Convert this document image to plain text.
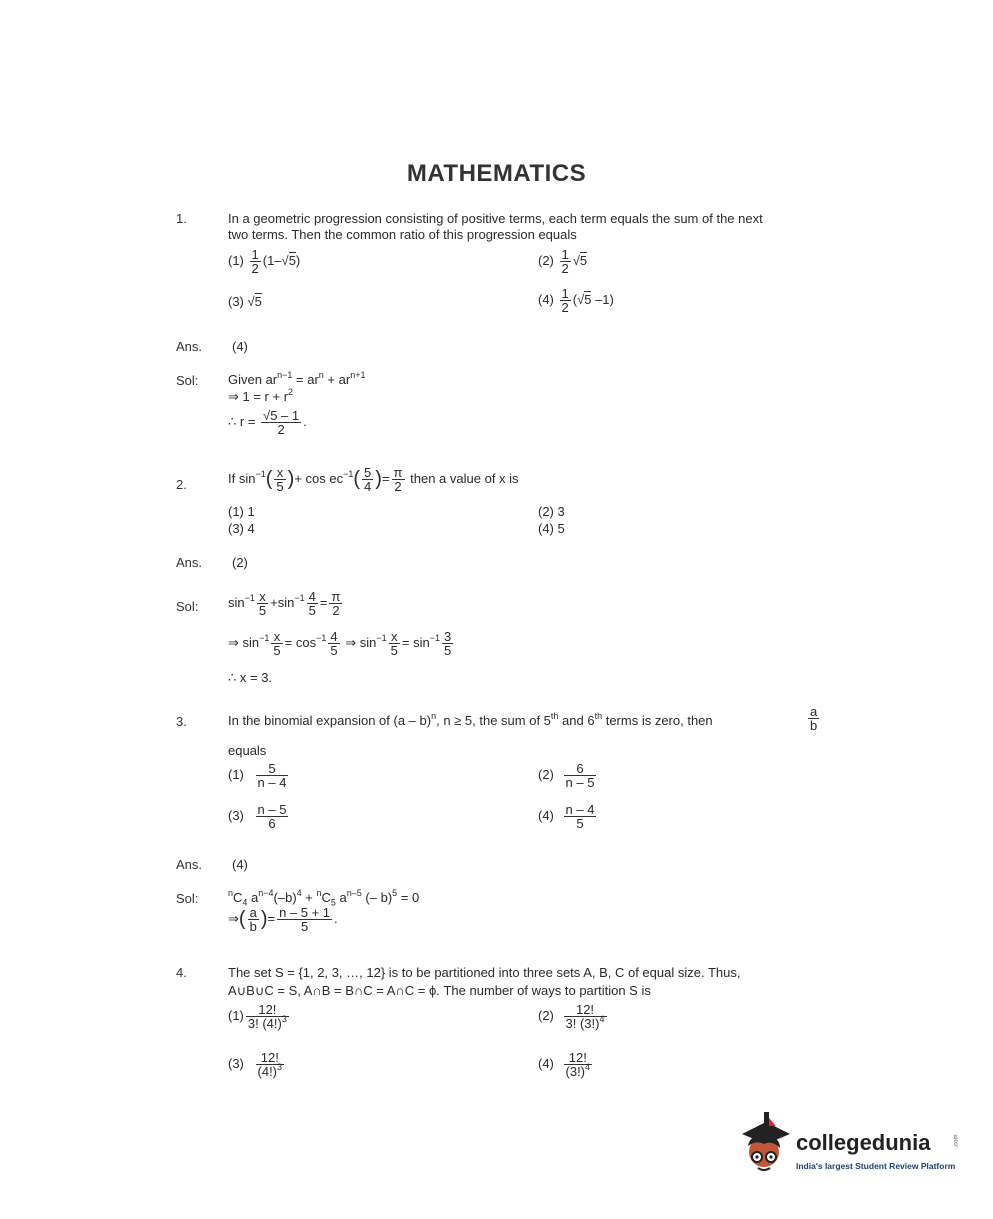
MATHEMATICS
1.	In a geometric progression consisting of positive terms, each term equals the sum of the next
two terms. Then the common ratio of this progression equals
$(1) \frac{1}{2} (1-√5)$	$(2) \frac{1}{2} √5$
(3) √5	$(4) \frac{1}{2} (√5$ –1)
Ans. (4)
Sol: Given $ar^{n-1} = ar^n + ar^{n+1}$
⇒ $1 = r + r^2$
∴ $r = \frac{√5 - 1}{2}$ .
2.	If $\sin^{-1}( \frac{x}{5}$ )+ $\cos ec^{-1}( \frac{5}{4}$ )= $\frac{\pi}{2}$ then a value of x is
(1) 1	(2) 3
(3) 4	(4) 5
Ans. (2)
Sol: $\sin^{-1} \frac{x}{5} +\sin^{-1} \frac{4}{5} = \frac{\pi}{2}$
⇒ $\sin^{-1} \frac{x}{5} = \cos^{-1} \frac{4}{5}$ ⇒ $\sin^{-1} \frac{x}{5} = \sin^{-1} \frac{3}{5}$
∴ x = 3.
3.	In the binomial expansion of (a – b)$^n$, n ≥ 5, the sum of 5th and 6th terms is zero, then	$\frac{a}{b}$
equals
$(1) \frac{5}{n - 4}$	$(2) \frac{6}{n - 5}$
$(3) \frac{n - 5}{6}$	$(4) \frac{n - 4}{5}$
Ans. (4)
Sol:	$^nC_4$ $a^{n-4}(-b)^4 + ^nC_5$ $a^{n-5}$ (– b)$^5$ = 0
⇒( $\frac{a}{b}$ )= $\frac{n - 5 + 1}{5}$ .
4.	The set S = {1, 2, 3, …, 12} is to be partitioned into three sets A, B, C of equal size. Thus,
A∪B∪C = S, A∩B = B∩C = A∩C = ϕ. The number of ways to partition S is
$(1) \frac{12!}{3! (4!)^3}$	$(2) \frac{12!}{3! (3!)^4}$
$(3) \frac{12!}{(4!)^3}$	$(4) \frac{12!}{(3!)^4}$
collegedunia	.com
India's largest Student Review Platform
